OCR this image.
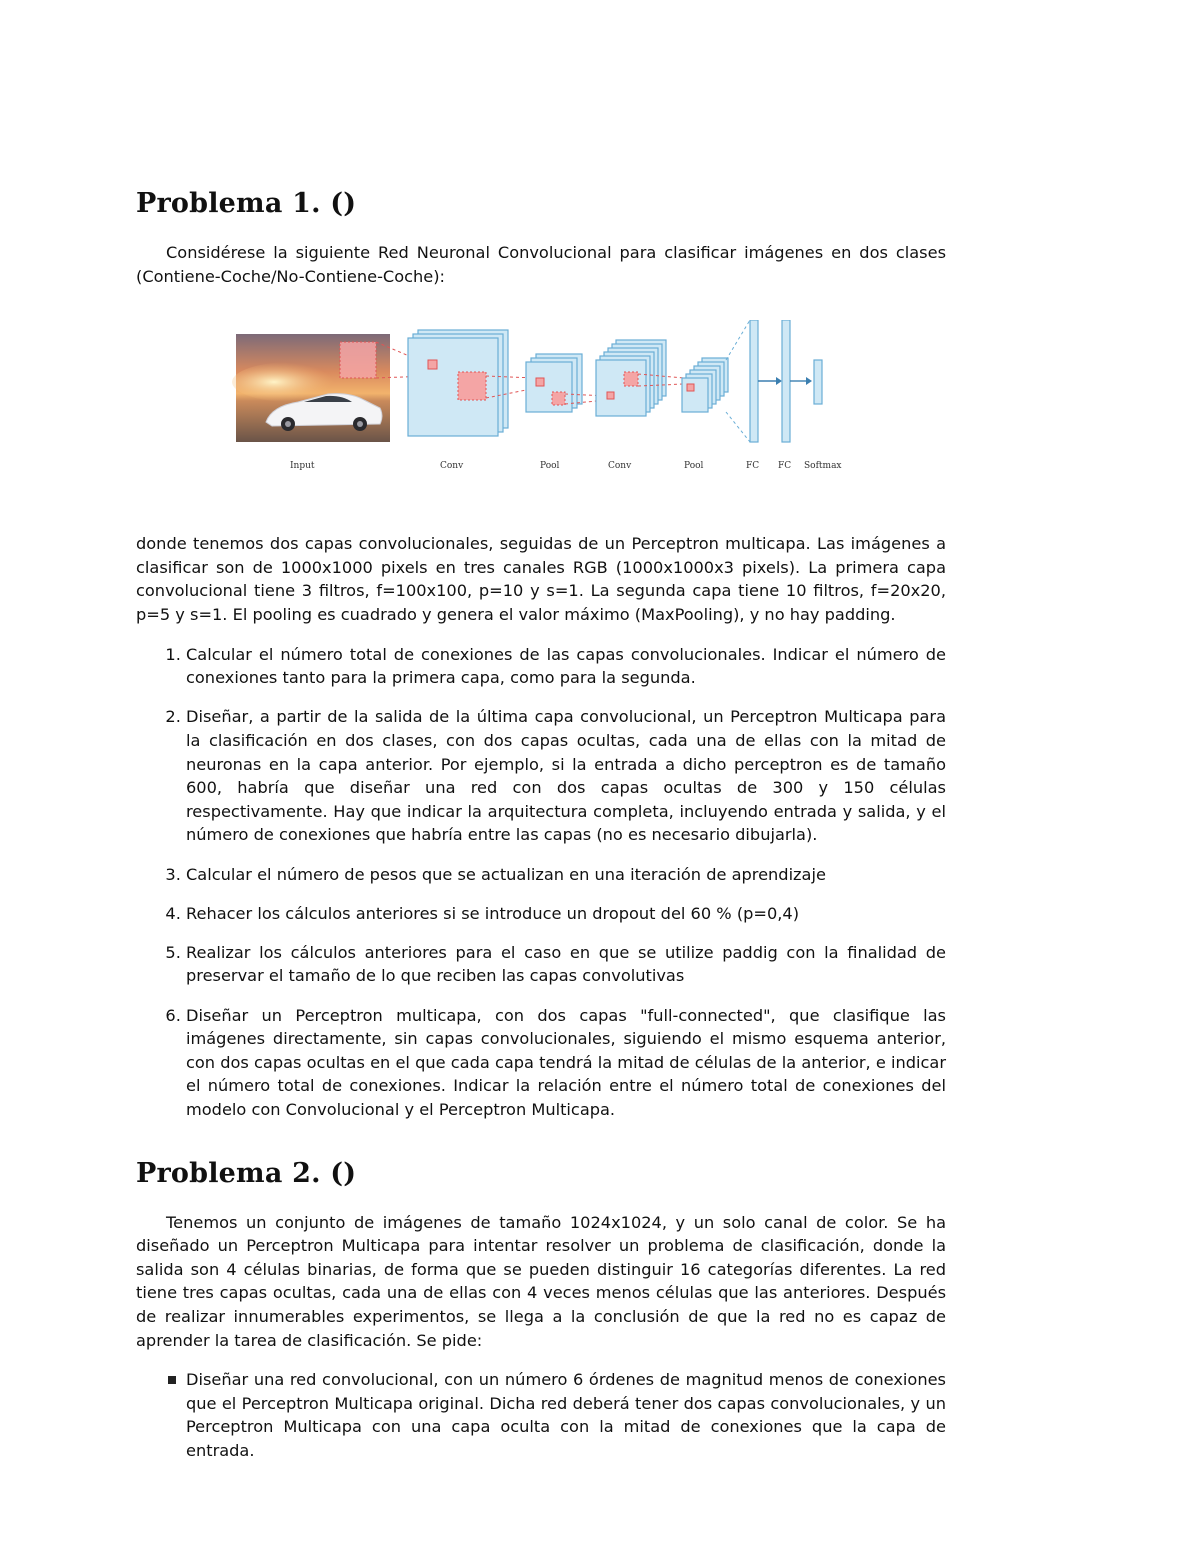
Problema 1. ()

Considérese la siguiente Red Neuronal Convolucional para clasificar imágenes en dos clases (Contiene-Coche/No-Contiene-Coche):

Input	Conv	Pool	Conv	Pool	FC FC Softmax

donde tenemos dos capas convolucionales, seguidas de un Perceptron multicapa. Las imágenes a clasificar son de 1000x1000 pixels en tres canales RGB (1000x1000x3 pixels). La primera capa convolucional tiene 3 filtros, f=100x100, p=10 y s=1. La segunda capa tiene 10 filtros, f=20x20, p=5 y s=1. El pooling es cuadrado y genera el valor máximo (MaxPooling), y no hay padding.

1. Calcular el número total de conexiones de las capas convolucionales. Indicar el número de conexiones tanto para la primera capa, como para la segunda.
2. Diseñar, a partir de la salida de la última capa convolucional, un Perceptron Multicapa para la clasificación en dos clases, con dos capas ocultas, cada una de ellas con la mitad de neuronas en la capa anterior. Por ejemplo, si la entrada a dicho perceptron es de tamaño 600, habría que diseñar una red con dos capas ocultas de 300 y 150 células respectivamente. Hay que indicar la arquitectura completa, incluyendo entrada y salida, y el número de conexiones que habría entre las capas (no es necesario dibujarla).
3. Calcular el número de pesos que se actualizan en una iteración de aprendizaje
4. Rehacer los cálculos anteriores si se introduce un dropout del 60 % (p=0,4)
5. Realizar los cálculos anteriores para el caso en que se utilize paddig con la finalidad de preservar el tamaño de lo que reciben las capas convolutivas
6. Diseñar un Perceptron multicapa, con dos capas "full-connected", que clasifique las imágenes directamente, sin capas convolucionales, siguiendo el mismo esquema anterior, con dos capas ocultas en el que cada capa tendrá la mitad de células de la anterior, e indicar el número total de conexiones. Indicar la relación entre el número total de conexiones del modelo con Convolucional y el Perceptron Multicapa.
Problema 2. ()

Tenemos un conjunto de imágenes de tamaño 1024x1024, y un solo canal de color. Se ha diseñado un Perceptron Multicapa para intentar resolver un problema de clasificación, donde la salida son 4 células binarias, de forma que se pueden distinguir 16 categorías diferentes. La red tiene tres capas ocultas, cada una de ellas con 4 veces menos células que las anteriores. Después de realizar innumerables experimentos, se llega a la conclusión de que la red no es capaz de aprender la tarea de clasificación. Se pide:

Diseñar una red convolucional, con un número 6 órdenes de magnitud menos de conexiones que el Perceptron Multicapa original. Dicha red deberá tener dos capas convolucionales, y un Perceptron Multicapa con una capa oculta con la mitad de conexiones que la capa de entrada.
